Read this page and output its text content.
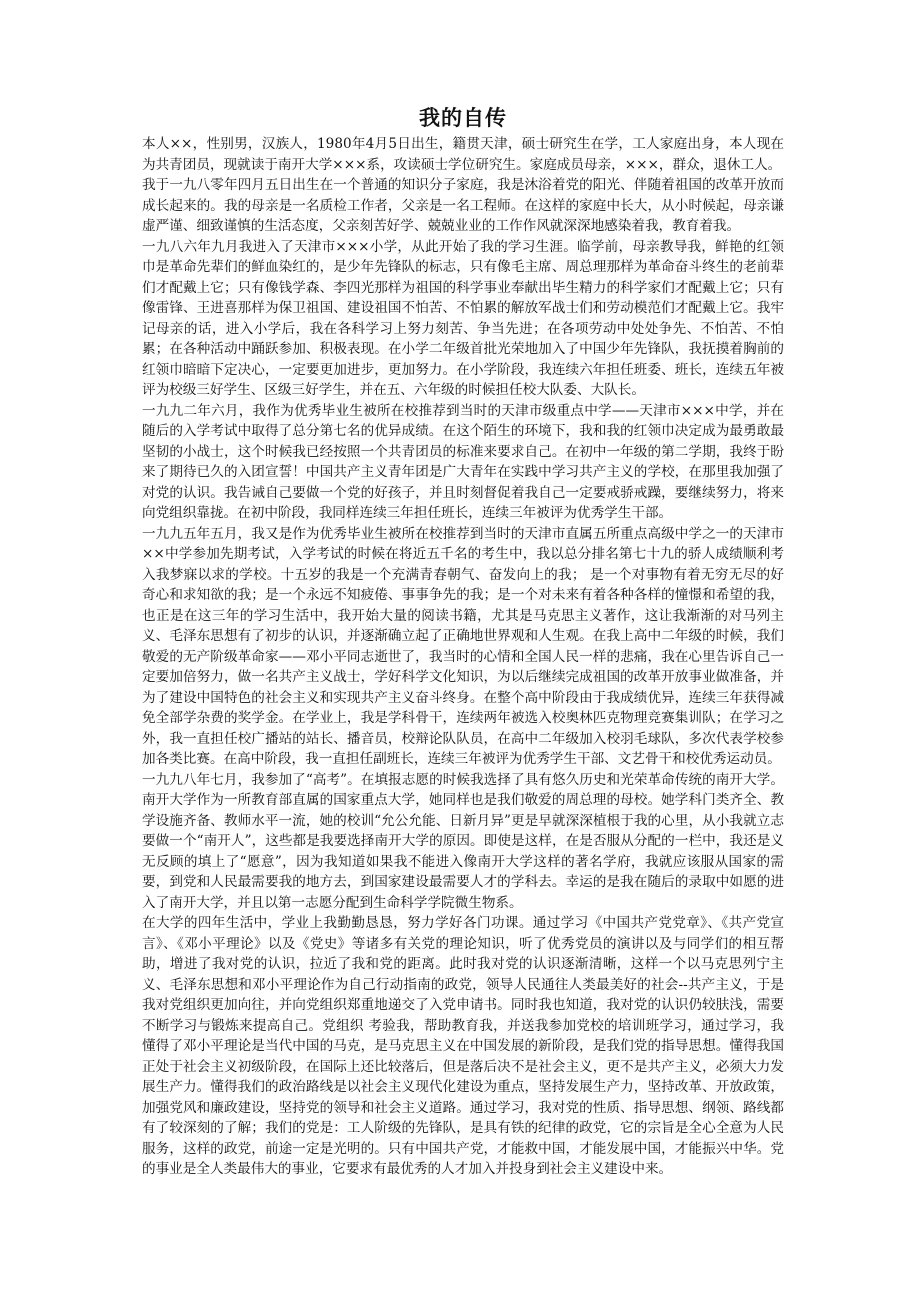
我的自传

本人××，性别男，汉族人，1980年4月5日出生，籍贯天津，硕士研究生在学，工人家庭出身，本人现在为共青团员，现就读于南开大学×××系，攻读硕士学位研究生。家庭成员母亲，×××，群众，退休工人。

我于一九八零年四月五日出生在一个普通的知识分子家庭，我是沐浴着党的阳光、伴随着祖国的改革开放而成长起来的。我的母亲是一名质检工作者，父亲是一名工程师。在这样的家庭中长大，从小时候起，母亲谦虚严谨、细致谨慎的生活态度，父亲刻苦好学、兢兢业业的工作作风就深深地感染着我，教育着我。

一九八六年九月我进入了天津市×××小学，从此开始了我的学习生涯。临学前，母亲教导我，鲜艳的红领巾是革命先辈们的鲜血染红的，是少年先锋队的标志，只有像毛主席、周总理那样为革命奋斗终生的老前辈们才配戴上它；只有像钱学森、李四光那样为祖国的科学事业奉献出毕生精力的科学家们才配戴上它；只有像雷锋、王进喜那样为保卫祖国、建设祖国不怕苦、不怕累的解放军战士们和劳动模范们才配戴上它。我牢记母亲的话，进入小学后，我在各科学习上努力刻苦、争当先进；在各项劳动中处处争先、不怕苦、不怕累；在各种活动中踊跃参加、积极表现。在小学二年级首批光荣地加入了中国少年先锋队，我抚摸着胸前的红领巾暗暗下定决心，一定要更加进步，更加努力。在小学阶段，我连续六年担任班委、班长，连续五年被评为校级三好学生、区级三好学生，并在五、六年级的时候担任校大队委、大队长。

一九九二年六月，我作为优秀毕业生被所在校推荐到当时的天津市级重点中学——天津市×××中学，并在随后的入学考试中取得了总分第七名的优异成绩。在这个陌生的环境下，我和我的红领巾决定成为最勇敢最坚韧的小战士，这个时候我已经按照一个共青团员的标准来要求自己。在初中一年级的第二学期，我终于盼来了期待已久的入团宣誓！中国共产主义青年团是广大青年在实践中学习共产主义的学校，在那里我加强了对党的认识。我告诫自己要做一个党的好孩子，并且时刻督促着我自己一定要戒骄戒躁，要继续努力，将来向党组织靠拢。在初中阶段，我同样连续三年担任班长，连续三年被评为优秀学生干部。

一九九五年五月，我又是作为优秀毕业生被所在校推荐到当时的天津市直属五所重点高级中学之一的天津市××中学参加先期考试，入学考试的时候在将近五千名的考生中，我以总分排名第七十九的骄人成绩顺利考入我梦寐以求的学校。十五岁的我是一个充满青春朝气、奋发向上的我； 是一个对事物有着无穷无尽的好奇心和求知欲的我；是一个永远不知疲倦、事事争先的我；是一个对未来有着各种各样的憧憬和希望的我，也正是在这三年的学习生活中，我开始大量的阅读书籍，尤其是马克思主义著作，这让我渐渐的对马列主义、毛泽东思想有了初步的认识，并逐渐确立起了正确地世界观和人生观。在我上高中二年级的时候，我们敬爱的无产阶级革命家——邓小平同志逝世了，我当时的心情和全国人民一样的悲痛，我在心里告诉自己一定要加倍努力，做一名共产主义战士，学好科学文化知识，为以后继续完成祖国的改革开放事业做准备，并为了建设中国特色的社会主义和实现共产主义奋斗终身。在整个高中阶段由于我成绩优异，连续三年获得减免全部学杂费的奖学金。在学业上，我是学科骨干，连续两年被选入校奥林匹克物理竞赛集训队；在学习之外，我一直担任校广播站的站长、播音员，校辩论队队员，在高中二年级加入校羽毛球队，多次代表学校参加各类比赛。在高中阶段，我一直担任副班长，连续三年被评为优秀学生干部、文艺骨干和校优秀运动员。

一九九八年七月，我参加了“高考”。在填报志愿的时候我选择了具有悠久历史和光荣革命传统的南开大学。南开大学作为一所教育部直属的国家重点大学，她同样也是我们敬爱的周总理的母校。她学科门类齐全、教学设施齐备、教师水平一流，她的校训“允公允能、日新月异”更是早就深深植根于我的心里，从小我就立志要做一个“南开人”，这些都是我要选择南开大学的原因。即使是这样，在是否服从分配的一栏中，我还是义无反顾的填上了“愿意”，因为我知道如果我不能进入像南开大学这样的著名学府，我就应该服从国家的需要，到党和人民最需要我的地方去，到国家建设最需要人才的学科去。幸运的是我在随后的录取中如愿的进入了南开大学，并且以第一志愿分配到生命科学学院微生物系。

在大学的四年生活中，学业上我勤勤恳恳，努力学好各门功课。通过学习《中国共产党党章》、《共产党宣言》、《邓小平理论》以及《党史》等诸多有关党的理论知识，听了优秀党员的演讲以及与同学们的相互帮助，增进了我对党的认识，拉近了我和党的距离。此时我对党的认识逐渐清晰，这样一个以马克思列宁主义、毛泽东思想和邓小平理论作为自己行动指南的政党，领导人民通往人类最美好的社会--共产主义，于是我对党组织更加向往，并向党组织郑重地递交了入党申请书。同时我也知道，我对党的认识仍较肤浅，需要不断学习与锻炼来提高自己。党组织 考验我，帮助教育我，并送我参加党校的培训班学习，通过学习，我懂得了邓小平理论是当代中国的马克，是马克思主义在中国发展的新阶段，是我们党的指导思想。懂得我国正处于社会主义初级阶段，在国际上还比较落后，但是落后决不是社会主义，更不是共产主义，必须大力发展生产力。懂得我们的政治路线是以社会主义现代化建设为重点，坚持发展生产力，坚持改革、开放政策，加强党风和廉政建设，坚持党的领导和社会主义道路。通过学习，我对党的性质、指导思想、纲领、路线都有了较深刻的了解；我们的党是：工人阶级的先锋队，是具有铁的纪律的政党，它的宗旨是全心全意为人民服务，这样的政党，前途一定是光明的。只有中国共产党，才能救中国，才能发展中国，才能振兴中华。党的事业是全人类最伟大的事业，它要求有最优秀的人才加入并投身到社会主义建设中来。
